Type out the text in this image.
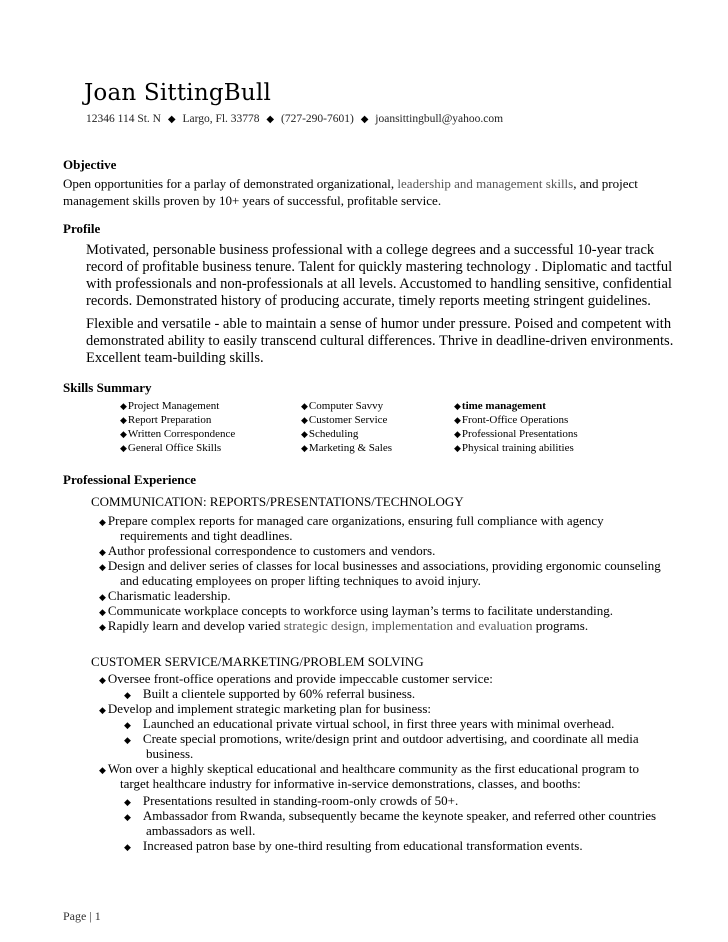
Joan SittingBull
12346 114 St. N ◆ Largo, Fl. 33778 ◆ (727-290-7601) ◆ joansittingbull@yahoo.com
Objective
Open opportunities for a parlay of demonstrated organizational, leadership and management skills, and project
management skills proven by 10+ years of successful, profitable service.
Profile
Motivated, personable business professional with a college degrees and a successful 10-year track
record of profitable business tenure. Talent for quickly mastering technology . Diplomatic and tactful
with professionals and non-professionals at all levels. Accustomed to handling sensitive, confidential
records. Demonstrated history of producing accurate, timely reports meeting stringent guidelines.
Flexible and versatile - able to maintain a sense of humor under pressure. Poised and competent with
demonstrated ability to easily transcend cultural differences. Thrive in deadline-driven environments.
Excellent team-building skills.
Skills Summary
◆Project Management
◆Report Preparation
◆Written Correspondence
◆General Office Skills
◆Computer Savvy
◆Customer Service
◆Scheduling
◆Marketing & Sales
◆time management
◆Front-Office Operations
◆Professional Presentations
◆Physical training abilities
Professional Experience
COMMUNICATION: REPORTS/PRESENTATIONS/TECHNOLOGY
◆ Prepare complex reports for managed care organizations, ensuring full compliance with agency
requirements and tight deadlines.
◆ Author professional correspondence to customers and vendors.
◆ Design and deliver series of classes for local businesses and associations, providing ergonomic counseling
and educating employees on proper lifting techniques to avoid injury.
◆ Charismatic leadership.
◆ Communicate workplace concepts to workforce using layman’s terms to facilitate understanding.
◆ Rapidly learn and develop varied strategic design, implementation and evaluation programs.
CUSTOMER SERVICE/MARKETING/PROBLEM SOLVING
◆ Oversee front-office operations and provide impeccable customer service:
◆ Built a clientele supported by 60% referral business.
◆ Develop and implement strategic marketing plan for business:
◆ Launched an educational private virtual school, in first three years with minimal overhead.
◆ Create special promotions, write/design print and outdoor advertising, and coordinate all media
business.
◆ Won over a highly skeptical educational and healthcare community as the first educational program to
target healthcare industry for informative in-service demonstrations, classes, and booths:
◆ Presentations resulted in standing-room-only crowds of 50+.
◆ Ambassador from Rwanda, subsequently became the keynote speaker, and referred other countries
ambassadors as well.
◆ Increased patron base by one-third resulting from educational transformation events.
Page | 1
